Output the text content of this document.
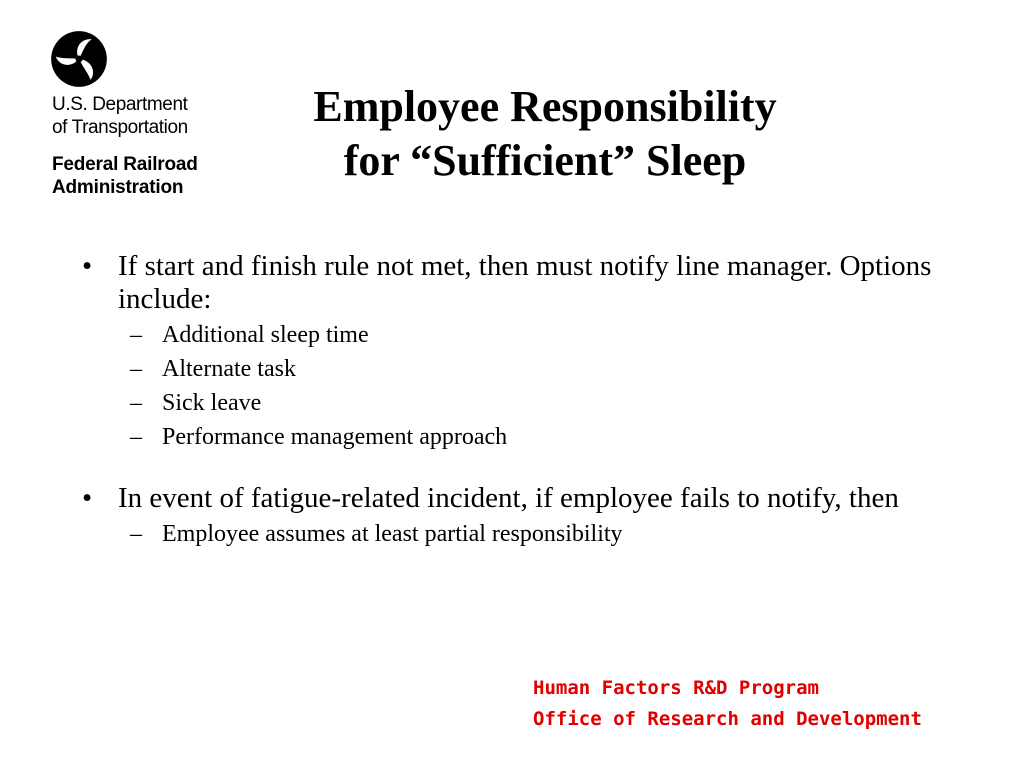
U.S. Department
of Transportation
Federal Railroad
Administration
Employee Responsibility
for “Sufficient” Sleep
• If start and finish rule not met, then must notify line manager. Options include:
– Additional sleep time
– Alternate task
– Sick leave
– Performance management approach
• In event of fatigue-related incident, if employee fails to notify, then
– Employee assumes at least partial responsibility
Human Factors R&D Program
Office of Research and Development
